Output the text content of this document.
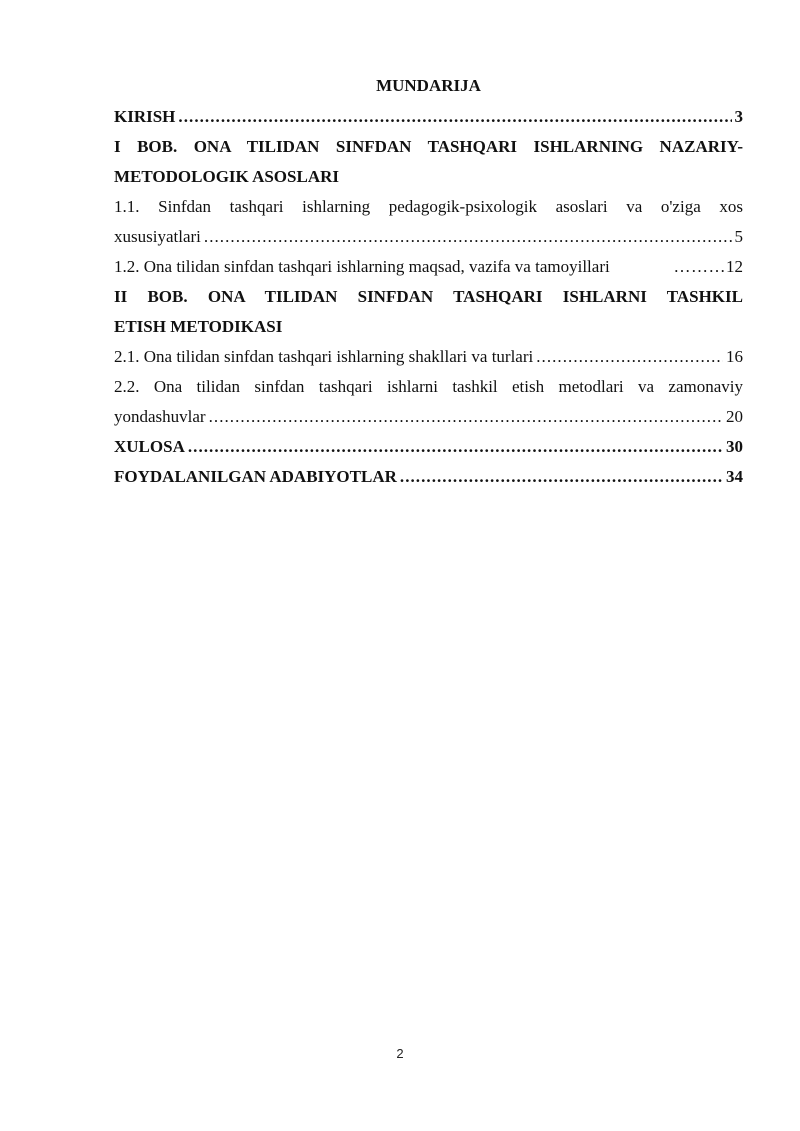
MUNDARIJA
KIRISH . . .	3
I BOB. ONA TILIDAN SINFDAN TASHQARI ISHLARNING NAZARIY-
METODOLOGIK ASOSLARI
1.1. Sinfdan tashqari ishlarning pedagogik-psixologik asoslari va o'ziga xos
xususiyatlari . . .	5
1.2. Ona tilidan sinfdan tashqari ishlarning maqsad, vazifa va tamoyillari	……… 12
II BOB. ONA TILIDAN SINFDAN TASHQARI ISHLARNI TASHKIL
ETISH METODIKASI
2.1. Ona tilidan sinfdan tashqari ishlarning shakllari va turlari . . .	16
2.2. Ona tilidan sinfdan tashqari ishlarni tashkil etish metodlari va zamonaviy
yondashuvlar . . .	20
XULOSA . . .	30
FOYDALANILGAN ADABIYOTLAR . . .	34
2
